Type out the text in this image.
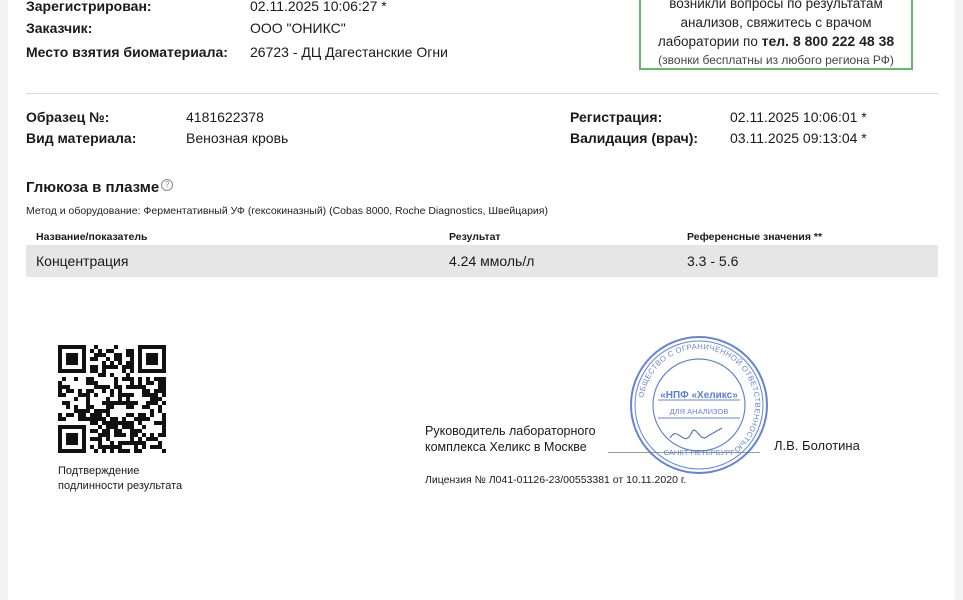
Зарегистрирован:	02.11.2025 10:06:27 *
Заказчик:	ООО "ОНИКС"
Место взятия биоматериала: 26723 - ДЦ Дагестанские Огни
возникли вопросы по результатам
анализов, свяжитесь с врачом
лаборатории по тел. 8 800 222 48 38
(звонки бесплатны из любого региона РФ)
Образец №:	4181622378
Вид материала:	Венозная кровь
Регистрация:	02.11.2025 10:06:01 *
Валидация (врач): 03.11.2025 09:13:04 *
Глюкоза в плазме ?
Метод и оборудование: Ферментативный УФ (гексокиназный) (Cobas 8000, Roche Diagnostics, Швейцария)
Название/показатель	Результат	Референсные значения **
Концентрация	4.24 ммоль/л	3.3 - 5.6
Подтверждение
подлинности результата
Руководитель лабораторного
комплекса Хеликс в Москве	Л.В. Болотина
Лицензия № Л041-01126-23/00553381 от 10.11.2020 г.
ОБЩЕСТВО С ОГРАНИЧЕННОЙ ОТВЕТСТВЕННОСТЬЮ
«НПФ «Хеликс»
ДЛЯ АНАЛИЗОВ
САНКТ-ПЕТЕРБУРГ
